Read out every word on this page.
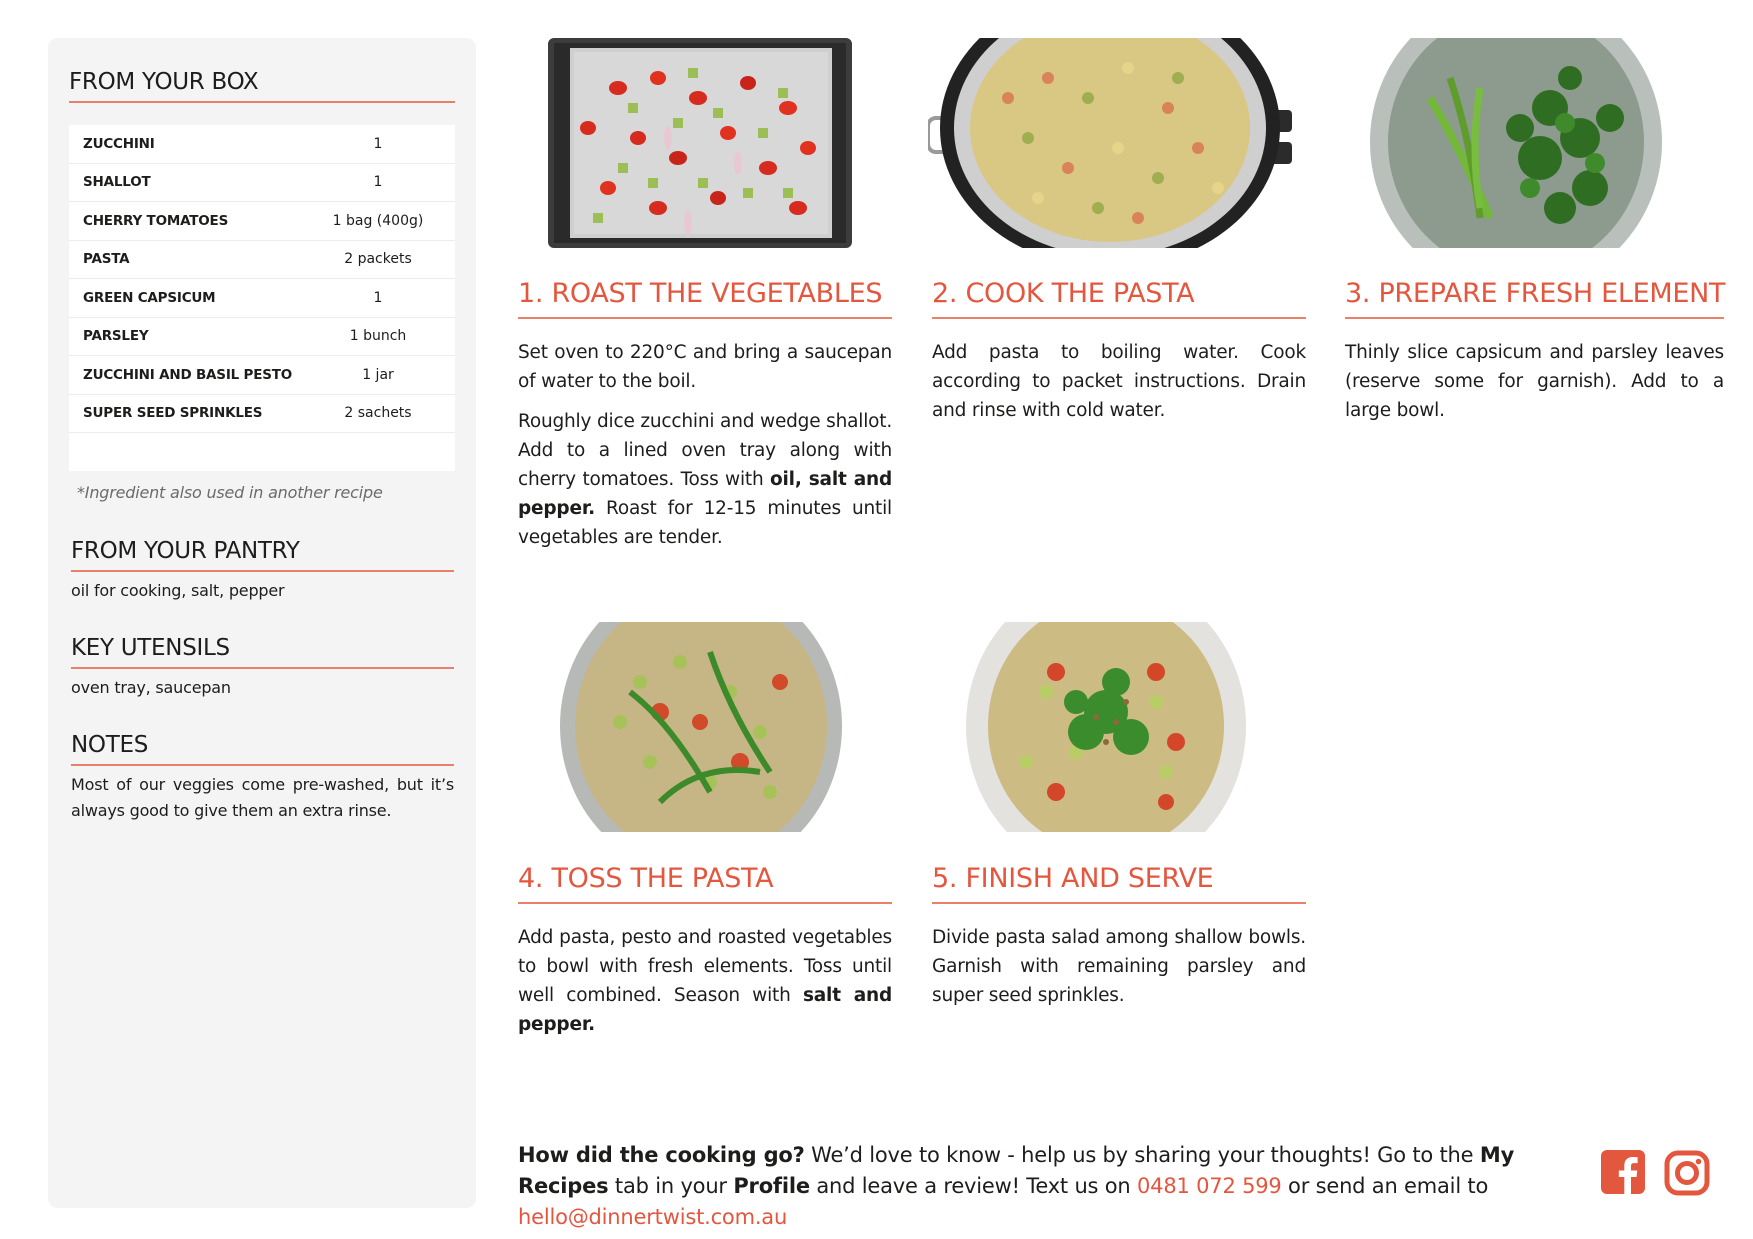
FROM YOUR BOX
ZUCCHINI	1
SHALLOT	1
CHERRY TOMATOES	1 bag (400g)
PASTA	2 packets
GREEN CAPSICUM	1
PARSLEY	1 bunch
ZUCCHINI AND BASIL PESTO	1 jar
SUPER SEED SPRINKLES	2 sachets
*Ingredient also used in another recipe
FROM YOUR PANTRY
oil for cooking, salt, pepper
KEY UTENSILS
oven tray, saucepan
NOTES
Most of our veggies come pre-washed, but it’s always good to give them an extra rinse.
1. ROAST THE VEGETABLES	2. COOK THE PASTA	3. PREPARE FRESH ELEMENT

Set oven to 220°C and bring a saucepan of water to the boil.

Roughly dice zucchini and wedge shallot. Add to a lined oven tray along with cherry tomatoes. Toss with oil, salt and pepper. Roast for 12-15 minutes until vegetables are tender.

Add pasta to boiling water. Cook according to packet instructions. Drain and rinse with cold water.

Thinly slice capsicum and parsley leaves (reserve some for garnish). Add to a large bowl.

4. TOSS THE PASTA	5. FINISH AND SERVE

Add pasta, pesto and roasted vegetables to bowl with fresh elements. Toss until well combined. Season with salt and pepper.

Divide pasta salad among shallow bowls. Garnish with remaining parsley and super seed sprinkles.

How did the cooking go? We’d love to know - help us by sharing your thoughts! Go to the My Recipes tab in your Profile and leave a review! Text us on 0481 072 599 or send an email to hello@dinnertwist.com.au
